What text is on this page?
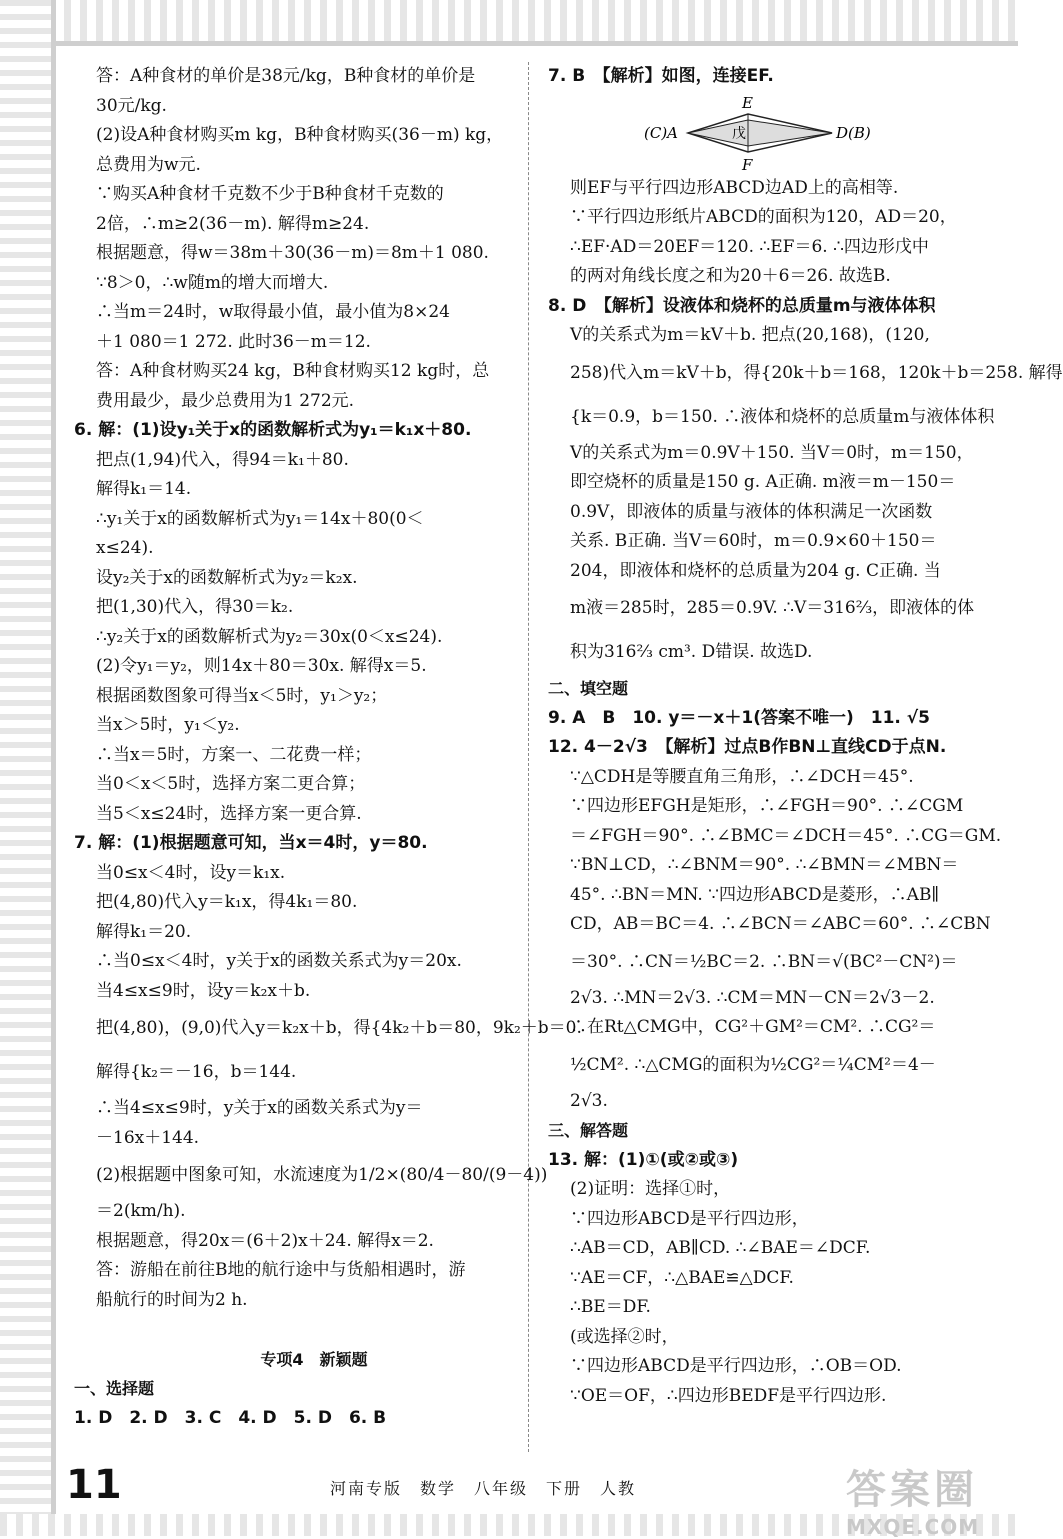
答：A种食材的单价是38元/kg，B种食材的单价是
30元/kg.
(2)设A种食材购买m kg，B种食材购买(36－m) kg，
总费用为w元.
∵购买A种食材千克数不少于B种食材千克数的
2倍，∴m≥2(36－m). 解得m≥24.
根据题意，得w＝38m＋30(36－m)＝8m＋1 080.
∵8＞0，∴w随m的增大而增大.
∴当m＝24时，w取得最小值，最小值为8×24
＋1 080＝1 272. 此时36－m＝12.
答：A种食材购买24 kg，B种食材购买12 kg时，总
费用最少，最少总费用为1 272元.
6. 解：(1)设y₁关于x的函数解析式为y₁＝k₁x＋80.
把点(1,94)代入，得94＝k₁＋80.
解得k₁＝14.
∴y₁关于x的函数解析式为y₁＝14x＋80(0＜
x≤24).
设y₂关于x的函数解析式为y₂＝k₂x.
把(1,30)代入，得30＝k₂.
∴y₂关于x的函数解析式为y₂＝30x(0＜x≤24).
(2)令y₁＝y₂，则14x＋80＝30x. 解得x＝5.
根据函数图象可得当x＜5时，y₁＞y₂；
当x＞5时，y₁＜y₂.
∴当x＝5时，方案一、二花费一样；
当0＜x＜5时，选择方案二更合算；
当5＜x≤24时，选择方案一更合算.
7. 解：(1)根据题意可知，当x＝4时，y＝80.
当0≤x＜4时，设y＝k₁x.
把(4,80)代入y＝k₁x，得4k₁＝80.
解得k₁＝20.
∴当0≤x＜4时，y关于x的函数关系式为y＝20x.
当4≤x≤9时，设y＝k₂x＋b.
把(4,80)，(9,0)代入y＝k₂x＋b，得{4k₂＋b＝80，9k₂＋b＝0.
解得{k₂＝－16，b＝144.
∴当4≤x≤9时，y关于x的函数关系式为y＝
－16x＋144.
(2)根据题中图象可知，水流速度为1/2×(80/4－80/(9－4))
＝2(km/h).
根据题意，得20x＝(6＋2)x＋24. 解得x＝2.
答：游船在前往B地的航行途中与货船相遇时，游
船航行的时间为2 h.
专项4　新颖题
一、选择题
1. D　2. D　3. C　4. D　5. D　6. B
7. B　【解析】如图，连接EF.
E
F
(C)A	戊	D(B)
则EF与平行四边形ABCD边AD上的高相等.
∵平行四边形纸片ABCD的面积为120，AD＝20，
∴EF·AD＝20EF＝120. ∴EF＝6. ∴四边形戊中
的两对角线长度之和为20＋6＝26. 故选B.
8. D　【解析】设液体和烧杯的总质量m与液体体积
V的关系式为m＝kV＋b. 把点(20,168)，(120,
258)代入m＝kV＋b，得{20k＋b＝168，120k＋b＝258. 解得
{k＝0.9，b＝150. ∴液体和烧杯的总质量m与液体体积
V的关系式为m＝0.9V＋150. 当V＝0时，m＝150，
即空烧杯的质量是150 g. A正确. m液＝m－150＝
0.9V，即液体的质量与液体的体积满足一次函数
关系. B正确. 当V＝60时，m＝0.9×60＋150＝
204，即液体和烧杯的总质量为204 g. C正确. 当
m液＝285时，285＝0.9V. ∴V＝316⅔，即液体的体
积为316⅔ cm³. D错误. 故选D.
二、填空题
9. A　B　10. y＝－x＋1(答案不唯一)　11. √5
12. 4－2√3　【解析】过点B作BN⊥直线CD于点N.
∵△CDH是等腰直角三角形，∴∠DCH＝45°.
∵四边形EFGH是矩形，∴∠FGH＝90°. ∴∠CGM
＝∠FGH＝90°. ∴∠BMC＝∠DCH＝45°. ∴CG＝GM.
∵BN⊥CD，∴∠BNM＝90°. ∴∠BMN＝∠MBN＝
45°. ∴BN＝MN. ∵四边形ABCD是菱形，∴AB∥
CD，AB＝BC＝4. ∴∠BCN＝∠ABC＝60°. ∴∠CBN
＝30°. ∴CN＝½BC＝2. ∴BN＝√(BC²－CN²)＝
2√3. ∴MN＝2√3. ∴CM＝MN－CN＝2√3－2.
∴在Rt△CMG中，CG²＋GM²＝CM². ∴CG²＝
½CM². ∴△CMG的面积为½CG²＝¼CM²＝4－
2√3.
三、解答题
13. 解：(1)①(或②或③)
(2)证明：选择①时，
∵四边形ABCD是平行四边形，
∴AB＝CD，AB∥CD. ∴∠BAE＝∠DCF.
∵AE＝CF，∴△BAE≌△DCF.
∴BE＝DF.
(或选择②时，
∵四边形ABCD是平行四边形，∴OB＝OD.
∵OE＝OF，∴四边形BEDF是平行四边形.
11	河南专版　数学　八年级　下册　人教	答案圈
MXQE.COM
